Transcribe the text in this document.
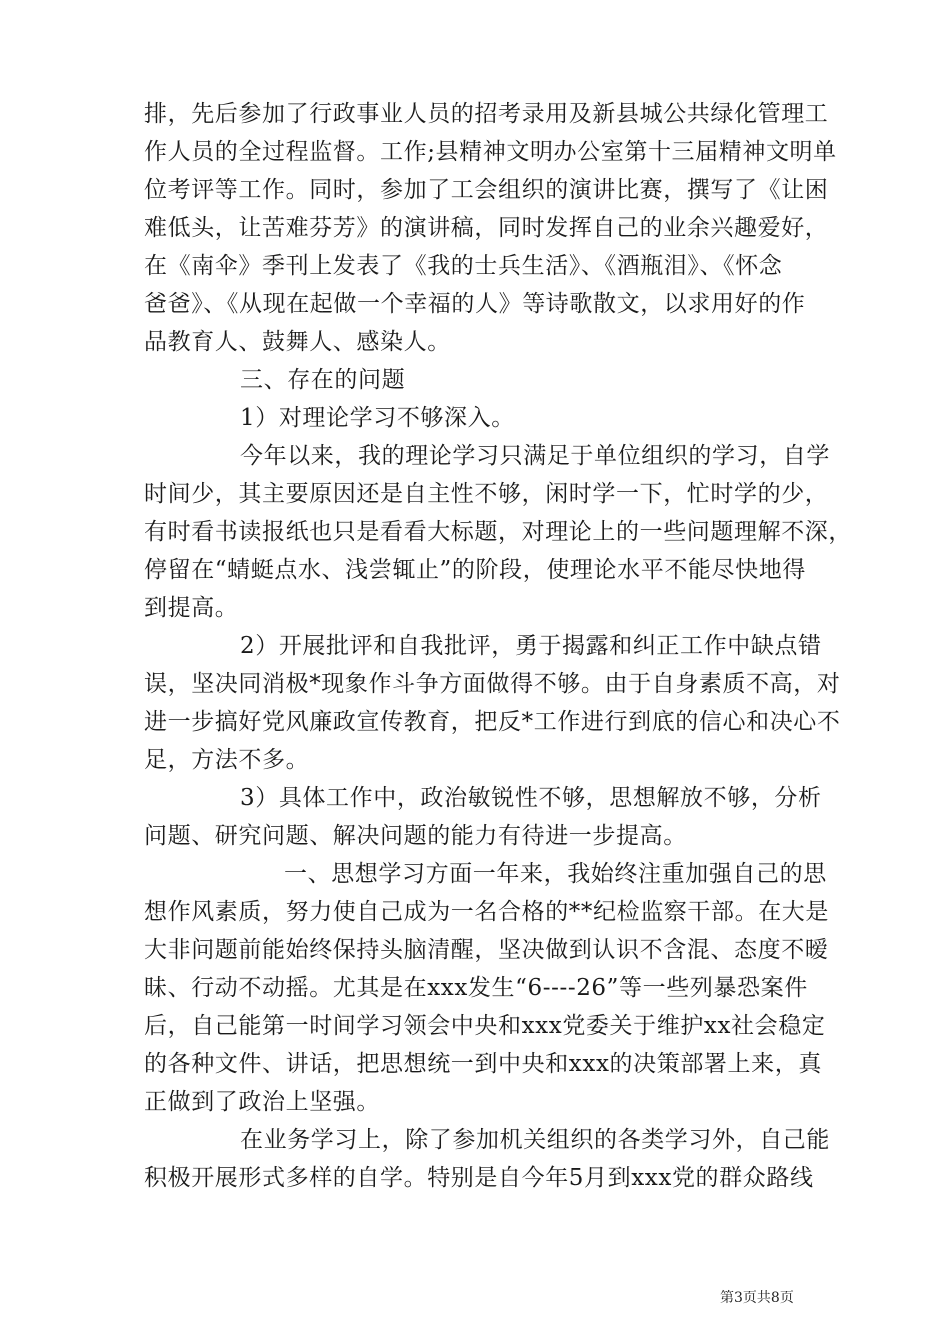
排，先后参加了行政事业人员的招考录用及新县城公共绿化管理工
作人员的全过程监督。工作;县精神文明办公室第十三届精神文明单
位考评等工作。同时，参加了工会组织的演讲比赛，撰写了《让困
难低头，让苦难芬芳》的演讲稿，同时发挥自己的业余兴趣爱好，
在《南伞》季刊上发表了《我的士兵生活》、《酒瓶泪》、《怀念
爸爸》、《从现在起做一个幸福的人》等诗歌散文，以求用好的作
品教育人、鼓舞人、感染人。
三、存在的问题
1）对理论学习不够深入。
今年以来，我的理论学习只满足于单位组织的学习，自学
时间少，其主要原因还是自主性不够，闲时学一下，忙时学的少，
有时看书读报纸也只是看看大标题，对理论上的一些问题理解不深，
停留在“蜻蜓点水、浅尝辄止”的阶段，使理论水平不能尽快地得
到提高。
2）开展批评和自我批评，勇于揭露和纠正工作中缺点错
误，坚决同消极*现象作斗争方面做得不够。由于自身素质不高，对
进一步搞好党风廉政宣传教育，把反*工作进行到底的信心和决心不
足，方法不多。
3）具体工作中，政治敏锐性不够，思想解放不够，分析
问题、研究问题、解决问题的能力有待进一步提高。
一、思想学习方面一年来，我始终注重加强自己的思
想作风素质，努力使自己成为一名合格的**纪检监察干部。在大是
大非问题前能始终保持头脑清醒，坚决做到认识不含混、态度不暧
昧、行动不动摇。尤其是在xxx发生“6----26”等一些列暴恐案件
后，自己能第一时间学习领会中央和xxx党委关于维护xx社会稳定
的各种文件、讲话，把思想统一到中央和xxx的决策部署上来，真
正做到了政治上坚强。
在业务学习上，除了参加机关组织的各类学习外，自己能
积极开展形式多样的自学。特别是自今年5月到xxx党的群众路线
第3页共8页
